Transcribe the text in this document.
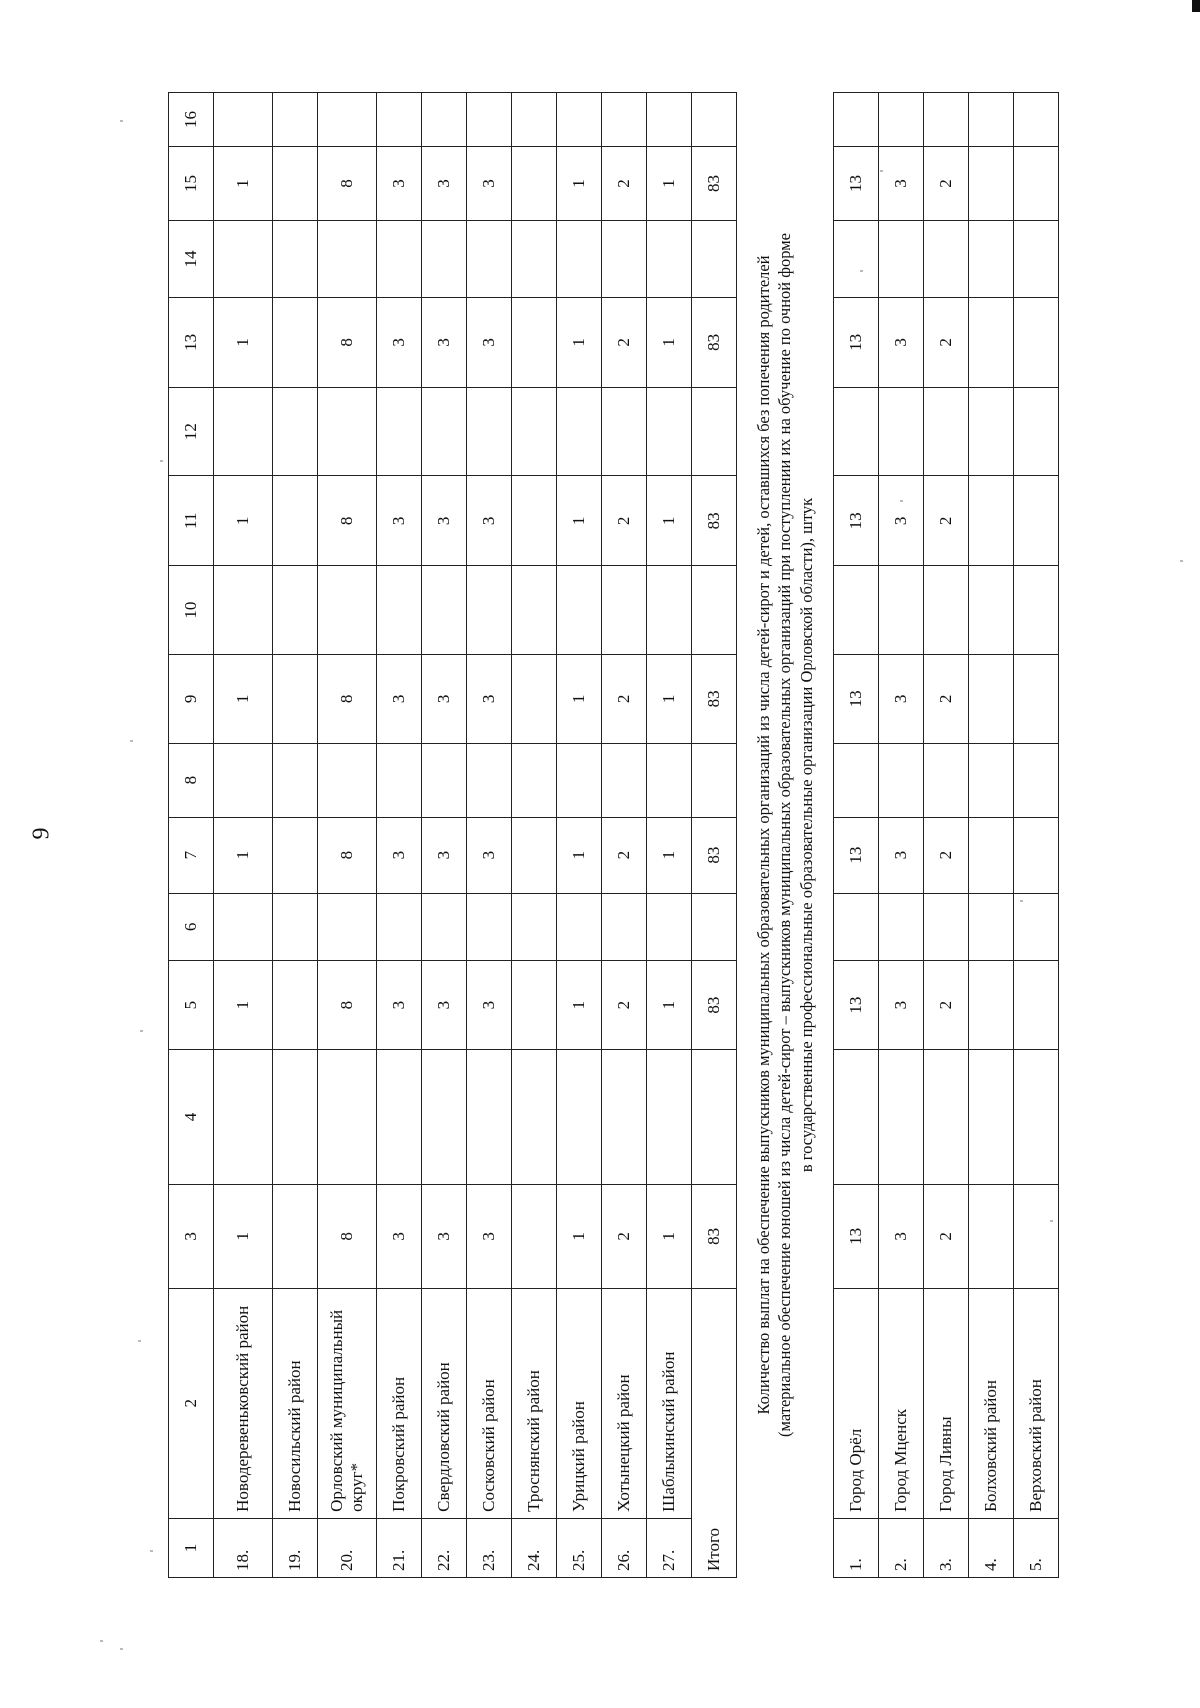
9
1	2	3	4	5	6	7	8	9	10	11	12	13	14	15	16
18.	Новодеревеньковский район	1		1		1		1		1		1		1	
19.	Новосильский район														
20.	Орловский муниципальный округ*	8		8		8		8		8		8		8	
21.	Покровский район	3		3		3		3		3		3		3	
22.	Свердловский район	3		3		3		3		3		3		3	
23.	Сосковский район	3		3		3		3		3		3		3	
24.	Троснянский район														
25.	Урицкий район	1		1		1		1		1		1		1	
26.	Хотынецкий район	2		2		2		2		2		2		2	
27.	Шаблыкинский район	1		1		1		1		1		1		1	
Итого		83		83		83		83		83		83		83	

Количество выплат на обеспечение выпускников муниципальных образовательных организаций из числа детей-сирот и детей, оставшихся без попечения родителей (материальное обеспечение юношей из числа детей-сирот – выпускников муниципальных образовательных организаций при поступлении их на обучение по очной форме в государственные профессиональные образовательные организации Орловской области), штук															

1.	Город Орёл	13		13		13		13		13		13		13	
2.	Город Мценск	3		3		3		3		3		3		3	
3.	Город Ливны	2		2		2		2		2		2		2	
4.	Болховский район														
5.	Верховский район														
